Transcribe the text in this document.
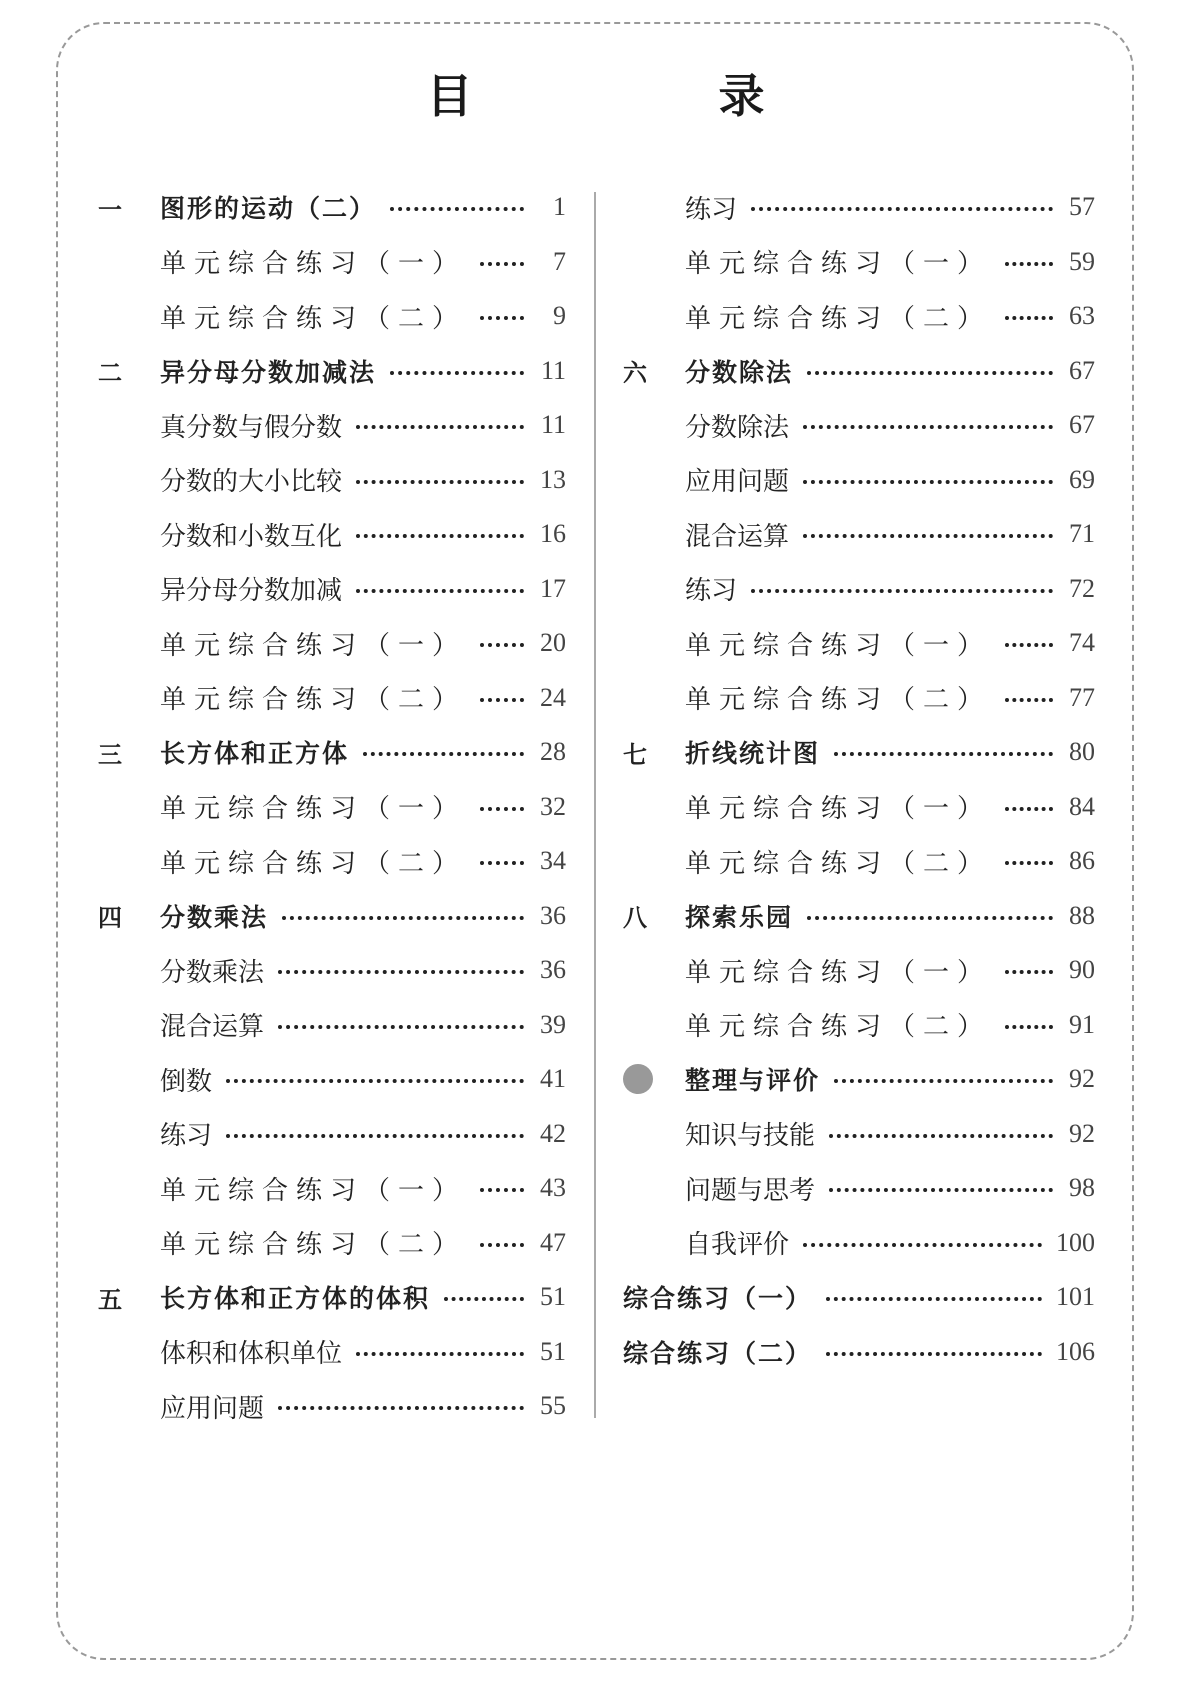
目　录
一	图形的运动（二）	1
单元综合练习（一）	7
单元综合练习（二）	9
二	异分母分数加减法	11
真分数与假分数	11
分数的大小比较	13
分数和小数互化	16
异分母分数加减	17
单元综合练习（一）	20
单元综合练习（二）	24
三	长方体和正方体	28
单元综合练习（一）	32
单元综合练习（二）	34
四	分数乘法	36
分数乘法	36
混合运算	39
倒数	41
练习	42
单元综合练习（一）	43
单元综合练习（二）	47
五	长方体和正方体的体积	51
体积和体积单位	51
应用问题	55
练习	57
单元综合练习（一）	59
单元综合练习（二）	63
六	分数除法	67
分数除法	67
应用问题	69
混合运算	71
练习	72
单元综合练习（一）	74
单元综合练习（二）	77
七	折线统计图	80
单元综合练习（一）	84
单元综合练习（二）	86
八	探索乐园	88
单元综合练习（一）	90
单元综合练习（二）	91
整理与评价	92
知识与技能	92
问题与思考	98
自我评价	100
综合练习（一）	101
综合练习（二）	106
